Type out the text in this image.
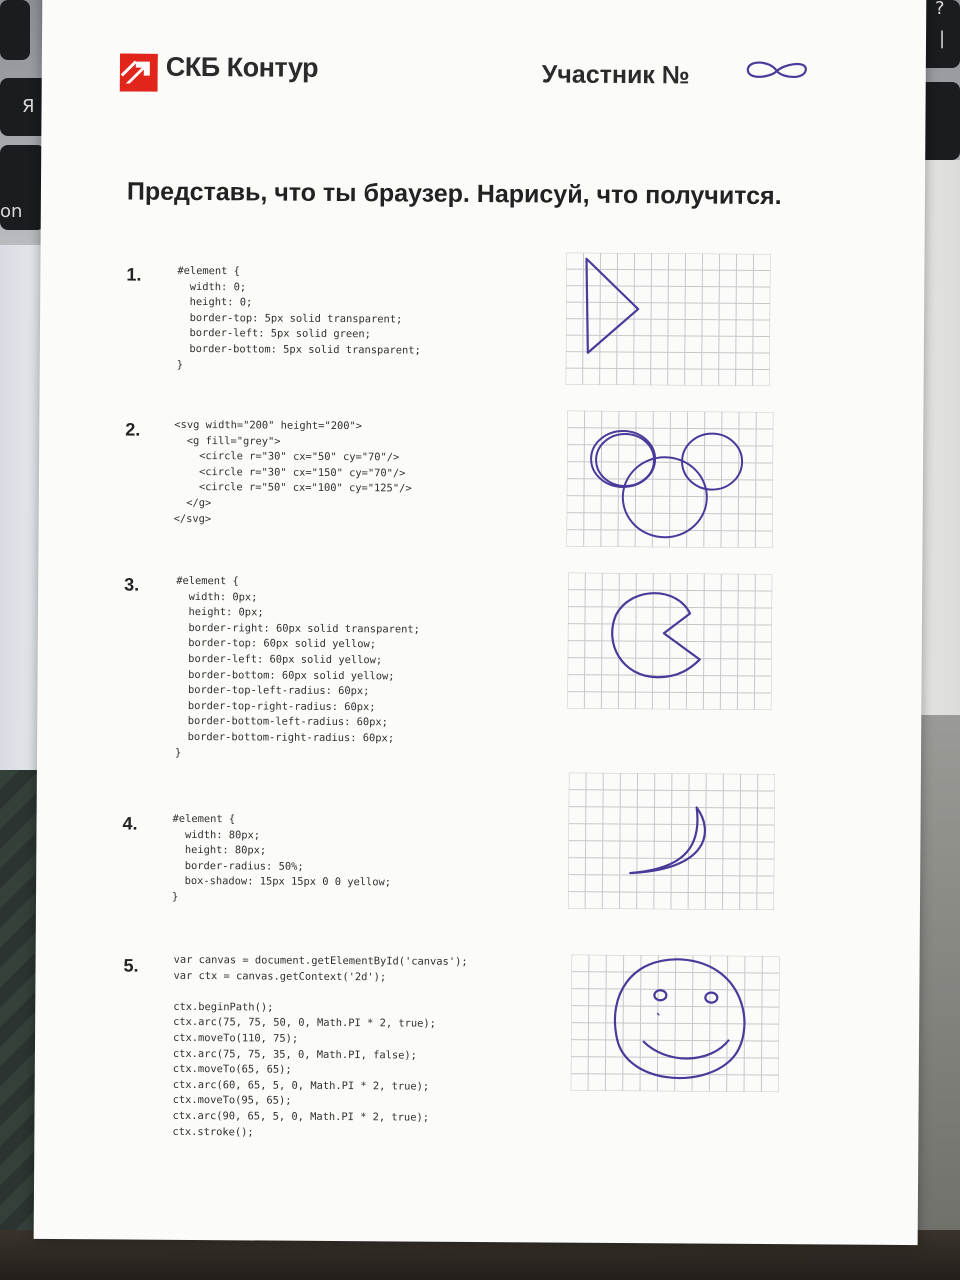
Я
on
?
|
СКБ Контур	Участник №
Представь, что ты браузер. Нарисуй, что получится.
1.	#element {
width: 0;
height: 0;
border-top: 5px solid transparent;
border-left: 5px solid green;
border-bottom: 5px solid transparent;
}
2.	<svg width="200" height="200">
<g fill="grey">
<circle r="30" cx="50" cy="70"/>
<circle r="30" cx="150" cy="70"/>
<circle r="50" cx="100" cy="125"/>
</g>
</svg>
3.	#element {
width: 0px;
height: 0px;
border-right: 60px solid transparent;
border-top: 60px solid yellow;
border-left: 60px solid yellow;
border-bottom: 60px solid yellow;
border-top-left-radius: 60px;
border-top-right-radius: 60px;
border-bottom-left-radius: 60px;
border-bottom-right-radius: 60px;
}
4.	#element {
width: 80px;
height: 80px;
border-radius: 50%;
box-shadow: 15px 15px 0 0 yellow;
}
5.	var canvas = document.getElementById('canvas');
var ctx = canvas.getContext('2d');

ctx.beginPath();
ctx.arc(75, 75, 50, 0, Math.PI * 2, true);
ctx.moveTo(110, 75);
ctx.arc(75, 75, 35, 0, Math.PI, false);
ctx.moveTo(65, 65);
ctx.arc(60, 65, 5, 0, Math.PI * 2, true);
ctx.moveTo(95, 65);
ctx.arc(90, 65, 5, 0, Math.PI * 2, true);
ctx.stroke();
